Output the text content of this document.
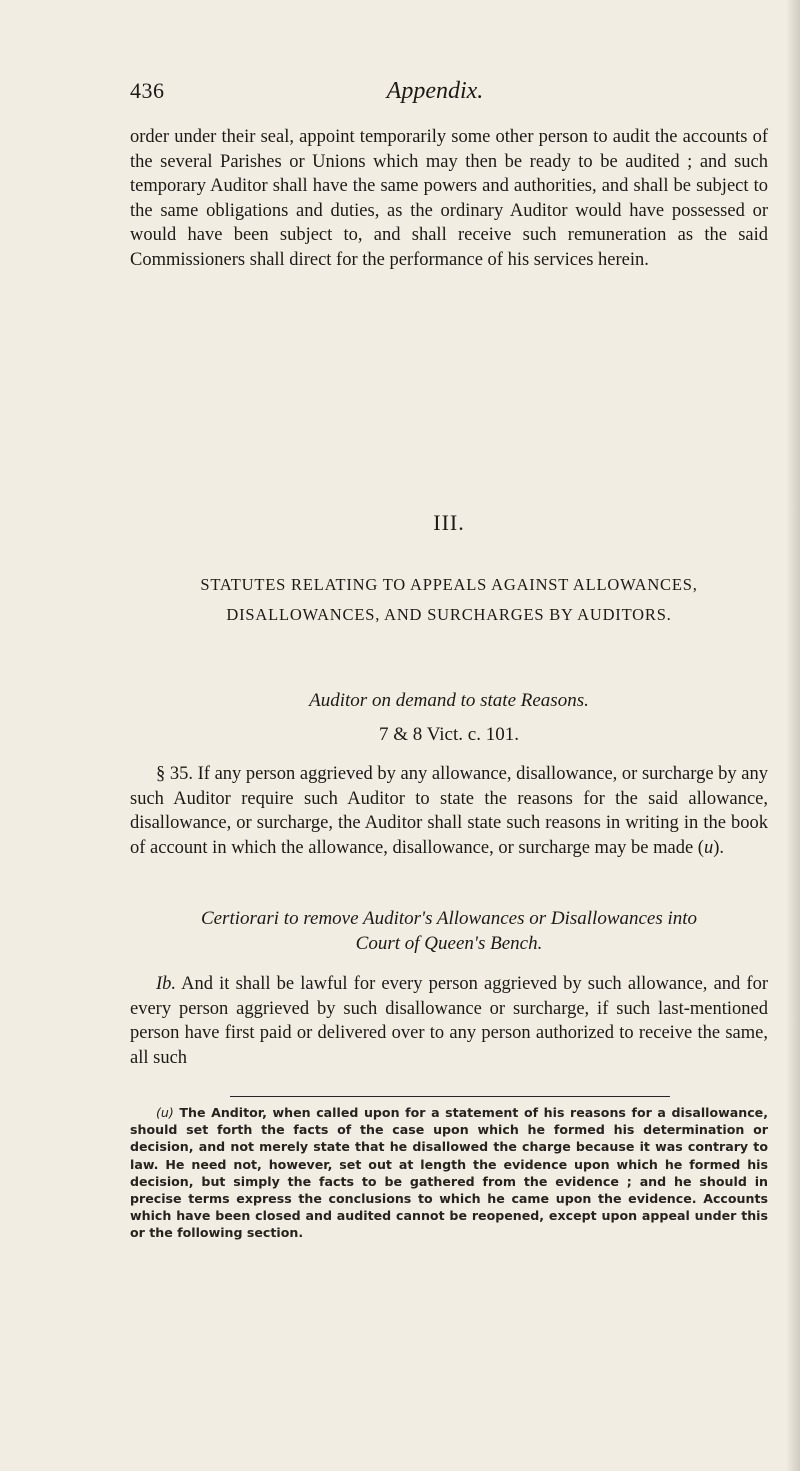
436	Appendix.
order under their seal, appoint temporarily some other person to audit the accounts of the several Parishes or Unions which may then be ready to be audited ; and such temporary Auditor shall have the same powers and authorities, and shall be subject to the same obligations and duties, as the ordinary Auditor would have possessed or would have been subject to, and shall receive such remuneration as the said Commissioners shall direct for the performance of his services herein.
III.
STATUTES RELATING TO APPEALS AGAINST ALLOWANCES, DISALLOWANCES, AND SURCHARGES BY AUDITORS.
Auditor on demand to state Reasons.
7 & 8 Vict. c. 101.
§ 35. If any person aggrieved by any allowance, disallowance, or surcharge by any such Auditor require such Auditor to state the reasons for the said allowance, disallowance, or surcharge, the Auditor shall state such reasons in writing in the book of account in which the allowance, disallowance, or surcharge may be made (u).
Certiorari to remove Auditor's Allowances or Disallowances into
Court of Queen's Bench.
Ib. And it shall be lawful for every person aggrieved by such allowance, and for every person aggrieved by such disallowance or surcharge, if such last-mentioned person have first paid or delivered over to any person authorized to receive the same, all such
(u) The Anditor, when called upon for a statement of his reasons for a disallowance, should set forth the facts of the case upon which he formed his determination or decision, and not merely state that he disallowed the charge because it was contrary to law. He need not, however, set out at length the evidence upon which he formed his decision, but simply the facts to be gathered from the evidence ; and he should in precise terms express the conclusions to which he came upon the evidence. Accounts which have been closed and audited cannot be reopened, except upon appeal under this or the following section.
